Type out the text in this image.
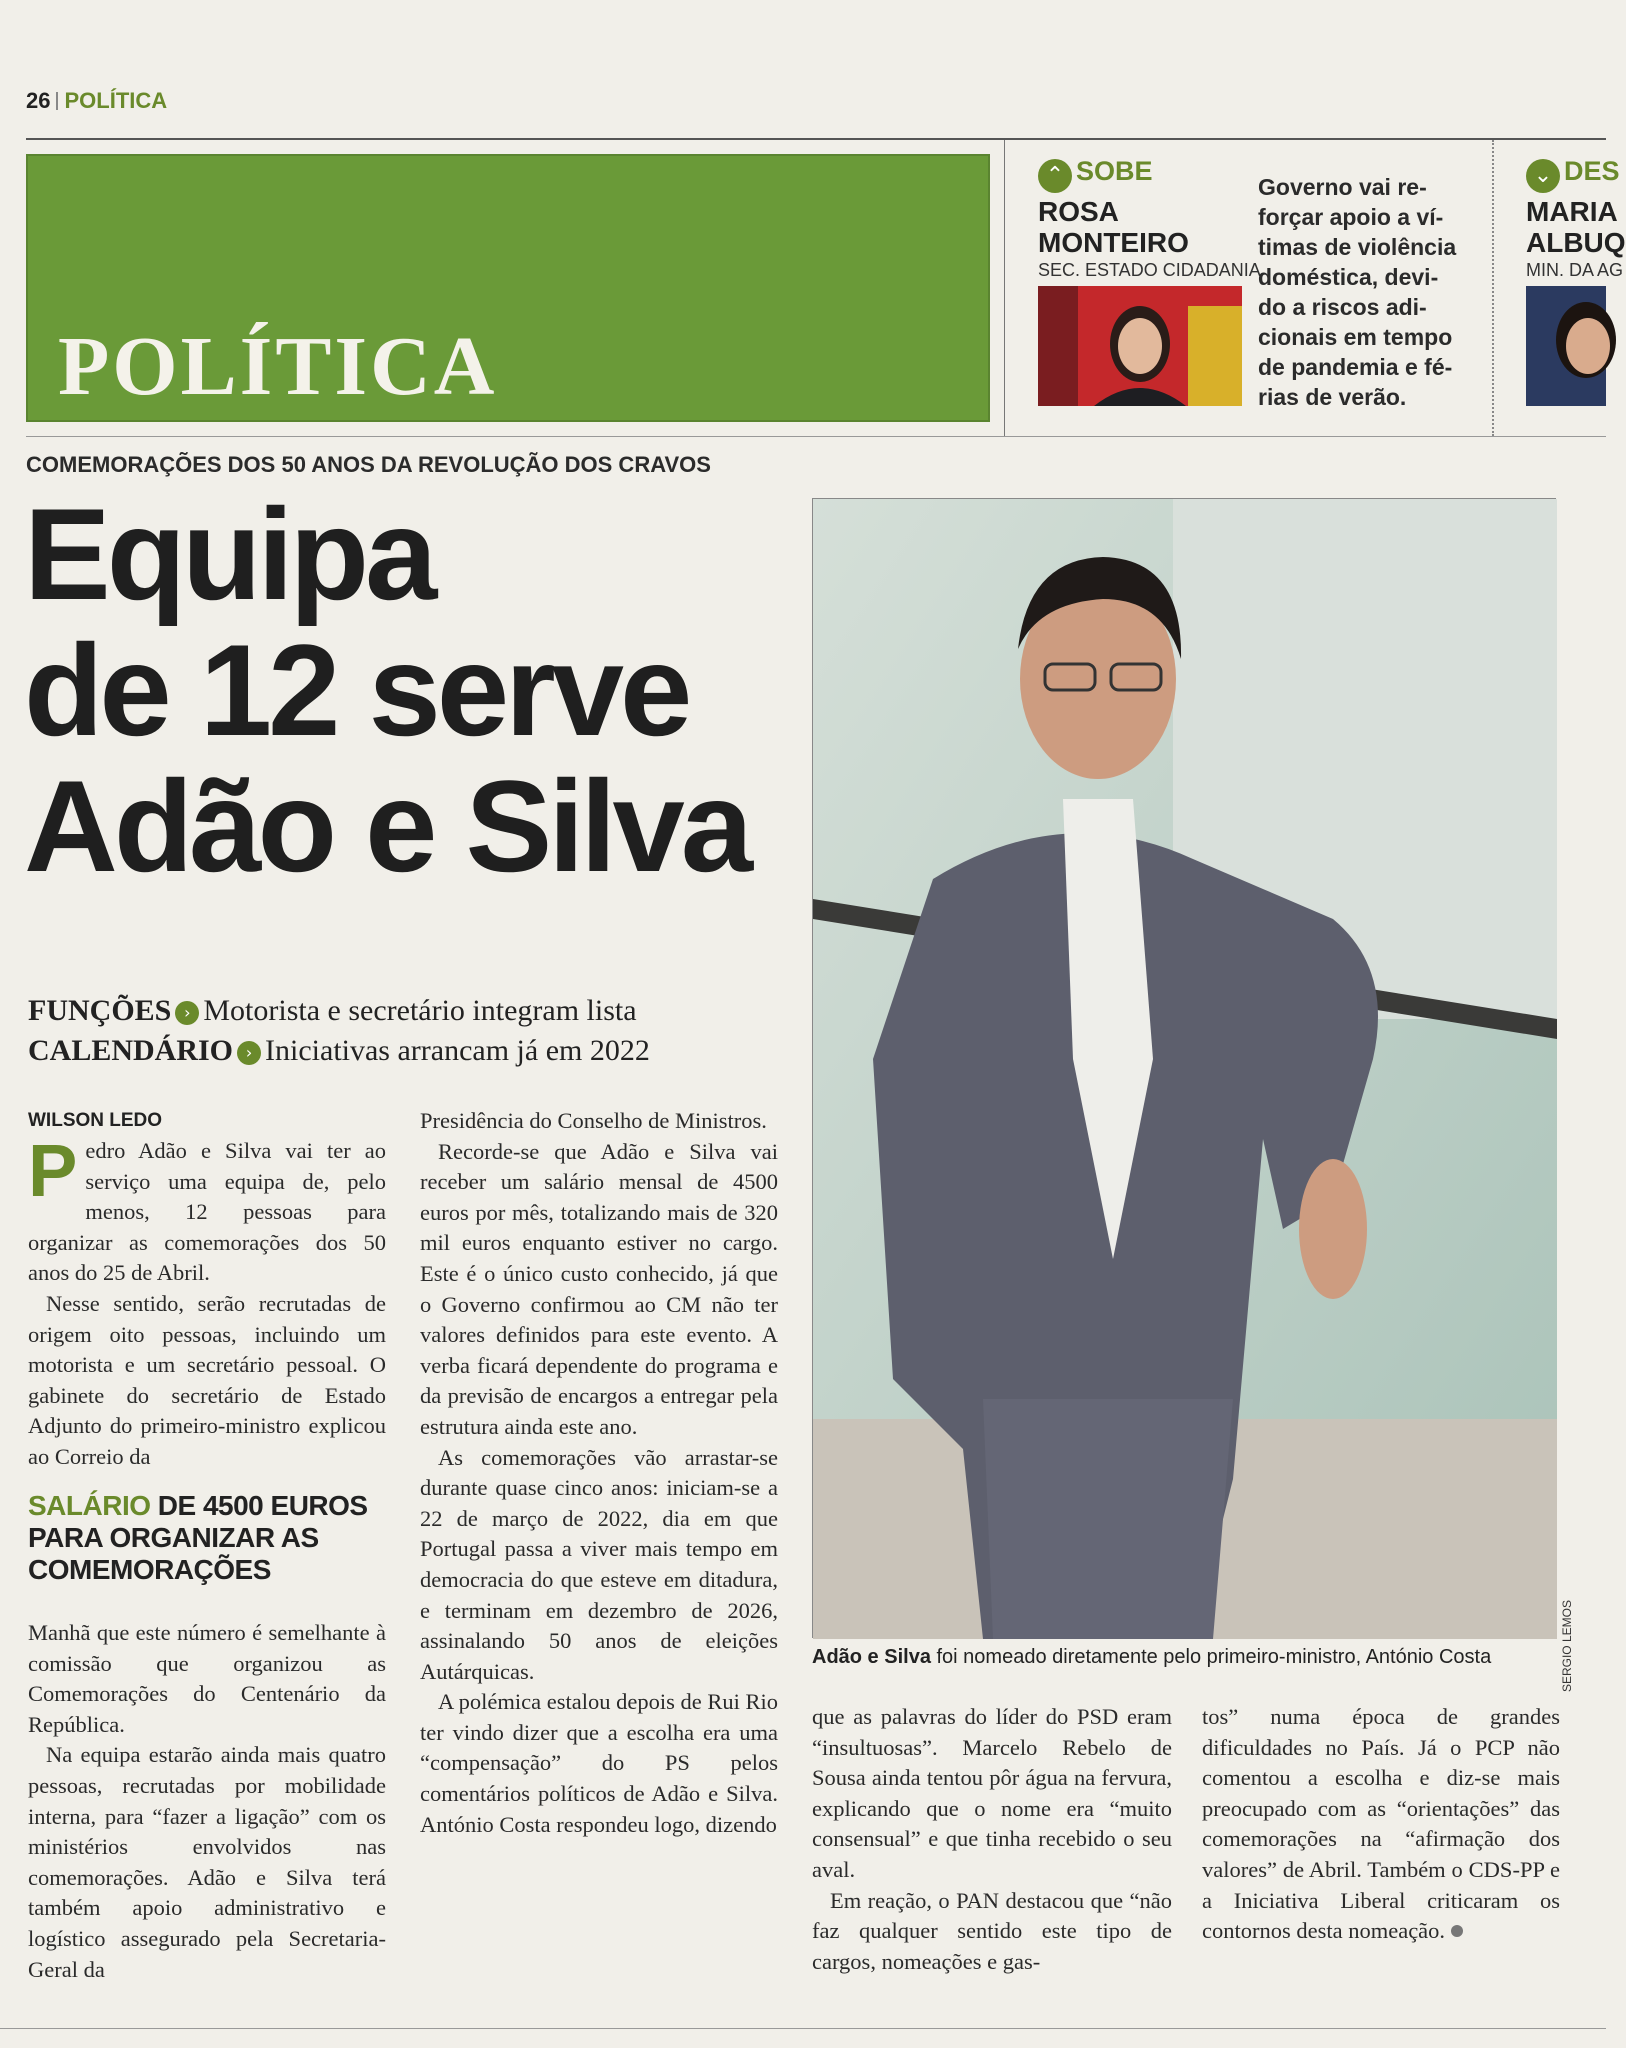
26 POLÍTICA
POLÍTICA
⌃ SOBE
ROSA
MONTEIRO
SEC. ESTADO CIDADANIA
Governo vai re-forçar apoio a ví-timas de violência doméstica, devi-do a riscos adi-cionais em tempo de pandemia e fé-rias de verão.
⌄ DES
MARIA
ALBUQ
MIN. DA AG
COMEMORAÇÕES DOS 50 ANOS DA REVOLUÇÃO DOS CRAVOS
Equipa
de 12 serve
Adão e Silva
FUNÇÕES › Motorista e secretário integram lista
CALENDÁRIO › Iniciativas arrancam já em 2022
WILSON LEDO

Pedro Adão e Silva vai ter ao serviço uma equipa de, pelo menos, 12 pessoas para organizar as comemorações dos 50 anos do 25 de Abril.

Nesse sentido, serão recrutadas de origem oito pessoas, incluindo um motorista e um secretário pessoal. O gabinete do secretário de Estado Adjunto do primeiro-ministro explicou ao Correio da

SALÁRIO DE 4500 EUROS PARA ORGANIZAR AS COMEMORAÇÕES

Manhã que este número é semelhante à comissão que organizou as Comemorações do Centenário da República.

Na equipa estarão ainda mais quatro pessoas, recrutadas por mobilidade interna, para “fazer a ligação” com os ministérios envolvidos nas comemorações. Adão e Silva terá também apoio administrativo e logístico assegurado pela Secretaria-Geral da

Presidência do Conselho de Ministros.

Recorde-se que Adão e Silva vai receber um salário mensal de 4500 euros por mês, totalizando mais de 320 mil euros enquanto estiver no cargo. Este é o único custo conhecido, já que o Governo confirmou ao CM não ter valores definidos para este evento. A verba ficará dependente do programa e da previsão de encargos a entregar pela estrutura ainda este ano.

As comemorações vão arrastar-se durante quase cinco anos: iniciam-se a 22 de março de 2022, dia em que Portugal passa a viver mais tempo em democracia do que esteve em ditadura, e terminam em dezembro de 2026, assinalando 50 anos de eleições Autárquicas.

A polémica estalou depois de Rui Rio ter vindo dizer que a escolha era uma “compensação” do PS pelos comentários políticos de Adão e Silva. António Costa respondeu logo, dizendo

SERGIO LEMOS
Adão e Silva foi nomeado diretamente pelo primeiro-ministro, António Costa

que as palavras do líder do PSD eram “insultuosas”. Marcelo Rebelo de Sousa ainda tentou pôr água na fervura, explicando que o nome era “muito consensual” e que tinha recebido o seu aval.

Em reação, o PAN destacou que “não faz qualquer sentido este tipo de cargos, nomeações e gas-

tos” numa época de grandes dificuldades no País. Já o PCP não comentou a escolha e diz-se mais preocupado com as “orientações” das comemorações na “afirmação dos valores” de Abril. Também o CDS-PP e a Iniciativa Liberal criticaram os contornos desta nomeação.
